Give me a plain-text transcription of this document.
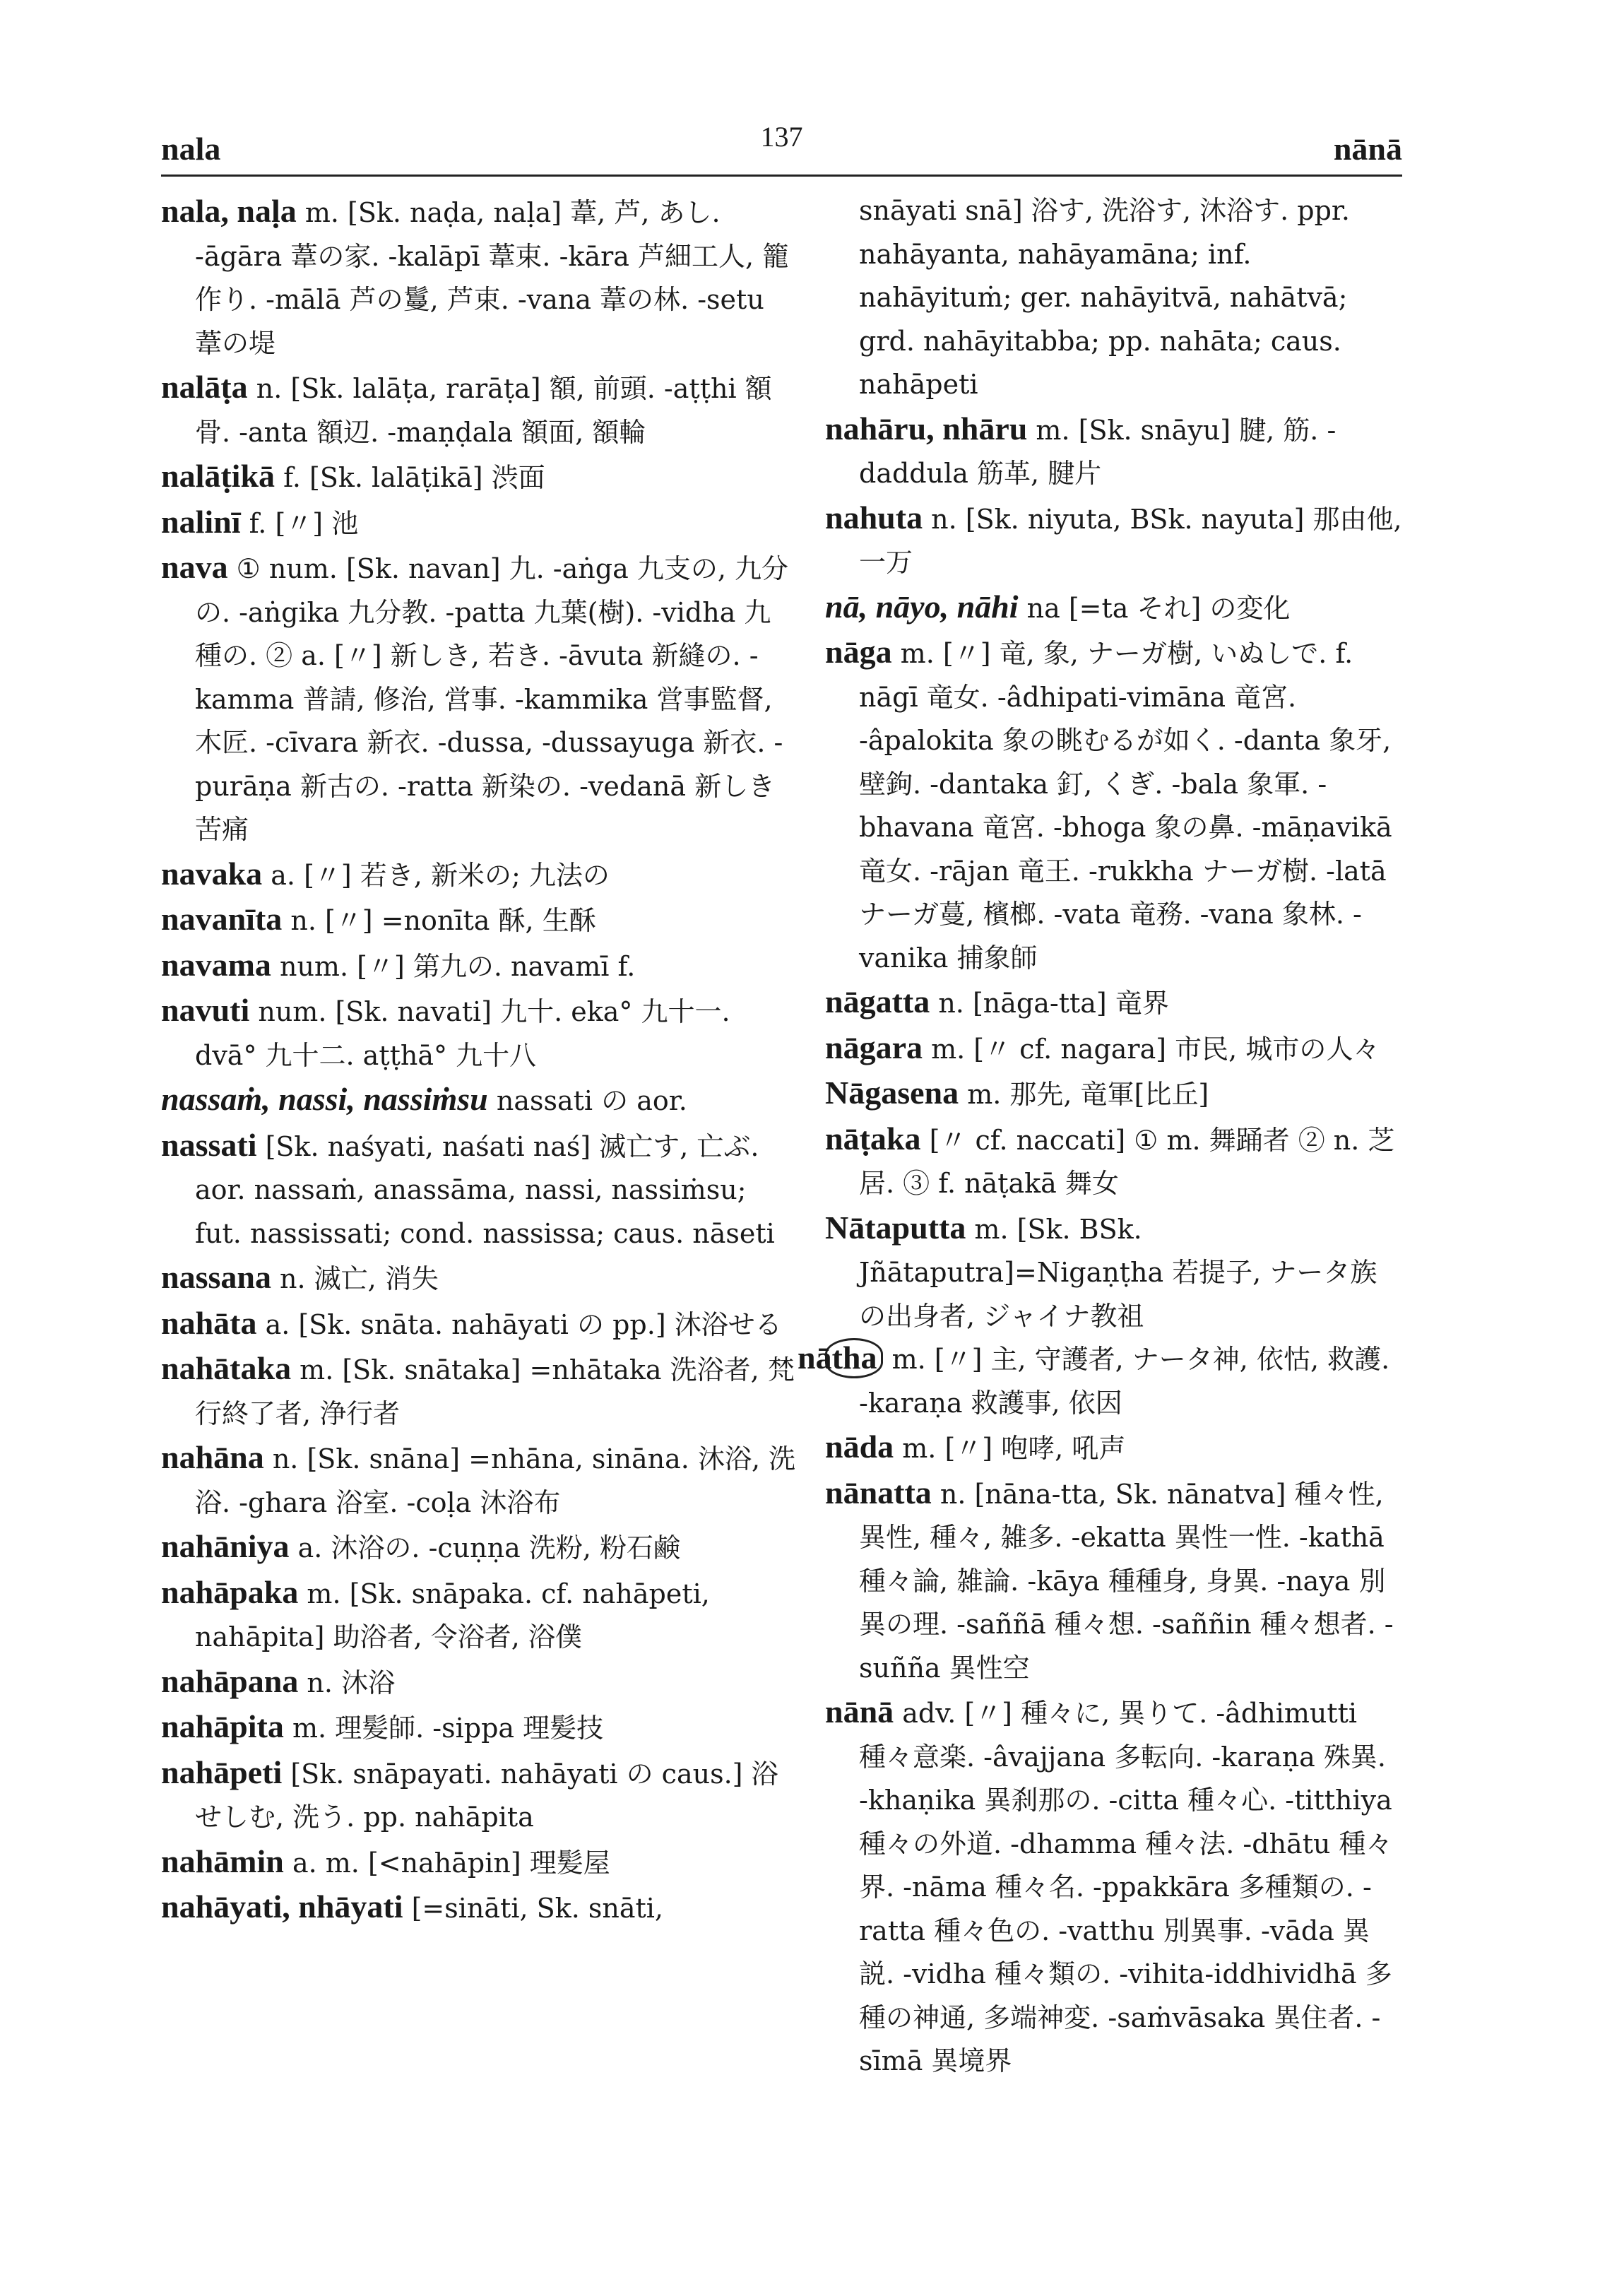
nala	137	nānā

nala, naḷa m. [Sk. naḍa, naḷa] 葦, 芦, あし. -āgāra 葦の家. -kalāpī 葦束. -kāra 芦細工人, 籠作り. -mālā 芦の鬘, 芦束. -vana 葦の林. -setu 葦の堤

nalāṭa n. [Sk. lalāṭa, rarāṭa] 額, 前頭. -aṭṭhi 額骨. -anta 額辺. -maṇḍala 額面, 額輪

nalāṭikā f. [Sk. lalāṭikā] 渋面

nalinī f. [〃] 池

nava ① num. [Sk. navan] 九. -aṅga 九支の, 九分の. -aṅgika 九分教. -patta 九葉(樹). -vidha 九種の. ② a. [〃] 新しき, 若き. -āvuta 新縫の. -kamma 普請, 修治, 営事. -kammika 営事監督, 木匠. -cīvara 新衣. -dussa, -dussayuga 新衣. -purāṇa 新古の. -ratta 新染の. -vedanā 新しき苦痛

navaka a. [〃] 若き, 新米の; 九法の

navanīta n. [〃] =nonīta 酥, 生酥

navama num. [〃] 第九の. navamī f.

navuti num. [Sk. navati] 九十. eka° 九十一. dvā° 九十二. aṭṭhā° 九十八

nassaṁ, nassi, nassiṁsu nassati の aor.

nassati [Sk. naśyati, naśati naś] 滅亡す, 亡ぶ. aor. nassaṁ, anassāma, nassi, nassiṁsu; fut. nassissati; cond. nassissa; caus. nāseti

nassana n. 滅亡, 消失

nahāta a. [Sk. snāta. nahāyati の pp.] 沐浴せる

nahātaka m. [Sk. snātaka] =nhātaka 洗浴者, 梵行終了者, 浄行者

nahāna n. [Sk. snāna] =nhāna, sināna. 沐浴, 洗浴. -ghara 浴室. -coḷa 沐浴布

nahāniya a. 沐浴の. -cuṇṇa 洗粉, 粉石鹸

nahāpaka m. [Sk. snāpaka. cf. nahāpeti, nahāpita] 助浴者, 令浴者, 浴僕

nahāpana n. 沐浴

nahāpita m. 理髪師. -sippa 理髪技

nahāpeti [Sk. snāpayati. nahāyati の caus.] 浴せしむ, 洗う. pp. nahāpita

nahāmin a. m. [<nahāpin] 理髪屋

nahāyati, nhāyati [=sināti, Sk. snāti,

snāyati snā] 浴す, 洗浴す, 沐浴す. ppr. nahāyanta, nahāyamāna; inf. nahāyituṁ; ger. nahāyitvā, nahātvā; grd. nahāyitabba; pp. nahāta; caus. nahāpeti

nahāru, nhāru m. [Sk. snāyu] 腱, 筋. -daddula 筋革, 腱片

nahuta n. [Sk. niyuta, BSk. nayuta] 那由他, 一万

nā, nāyo, nāhi na [=ta それ] の変化

nāga m. [〃] 竜, 象, ナーガ樹, いぬしで. f. nāgī 竜女. -âdhipati-vimāna 竜宮. -âpalokita 象の眺むるが如く. -danta 象牙, 壁鉤. -dantaka 釘, くぎ. -bala 象軍. -bhavana 竜宮. -bhoga 象の鼻. -māṇavikā 竜女. -rājan 竜王. -rukkha ナーガ樹. -latā ナーガ蔓, 檳榔. -vata 竜務. -vana 象林. -vanika 捕象師

nāgatta n. [nāga-tta] 竜界

nāgara m. [〃 cf. nagara] 市民, 城市の人々

Nāgasena m. 那先, 竜軍[比丘]

nāṭaka [〃 cf. naccati] ① m. 舞踊者 ② n. 芝居. ③ f. nāṭakā 舞女

Nātaputta m. [Sk. BSk. Jñātaputra]=Nigaṇṭha 若提子, ナータ族の出身者, ジャイナ教祖

nātha m. [〃] 主, 守護者, ナータ神, 依怙, 救護. -karaṇa 救護事, 依因

nāda m. [〃] 咆哮, 吼声

nānatta n. [nāna-tta, Sk. nānatva] 種々性, 異性, 種々, 雑多. -ekatta 異性一性. -kathā 種々論, 雑論. -kāya 種種身, 身異. -naya 別異の理. -saññā 種々想. -saññin 種々想者. -suñña 異性空

nānā adv. [〃] 種々に, 異りて. -âdhimutti 種々意楽. -âvajjana 多転向. -karaṇa 殊異. -khaṇika 異刹那の. -citta 種々心. -titthiya 種々の外道. -dhamma 種々法. -dhātu 種々界. -nāma 種々名. -ppakkāra 多種類の. -ratta 種々色の. -vatthu 別異事. -vāda 異説. -vidha 種々類の. -vihita-iddhividhā 多種の神通, 多端神変. -saṁvāsaka 異住者. -sīmā 異境界
